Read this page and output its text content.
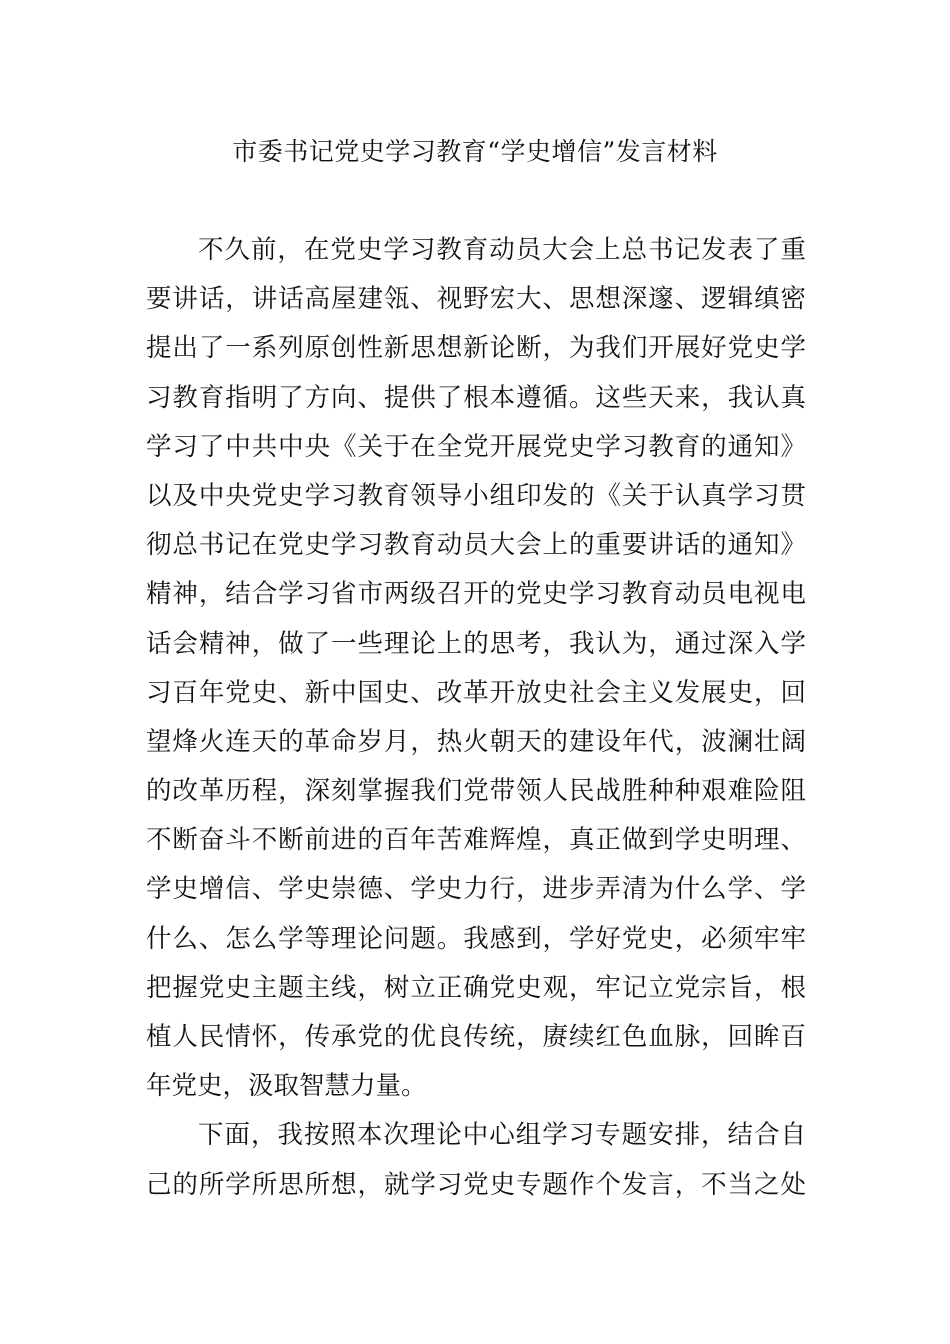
市委书记党史学习教育“学史增信”发言材料
不久前，在党史学习教育动员大会上总书记发表了重
要讲话，讲话高屋建瓴、视野宏大、思想深邃、逻辑缜密
提出了一系列原创性新思想新论断，为我们开展好党史学
习教育指明了方向、提供了根本遵循。这些天来，我认真
学习了中共中央《关于在全党开展党史学习教育的通知》
以及中央党史学习教育领导小组印发的《关于认真学习贯
彻总书记在党史学习教育动员大会上的重要讲话的通知》
精神，结合学习省市两级召开的党史学习教育动员电视电
话会精神，做了一些理论上的思考，我认为，通过深入学
习百年党史、新中国史、改革开放史社会主义发展史，回
望烽火连天的革命岁月，热火朝天的建设年代，波澜壮阔
的改革历程，深刻掌握我们党带领人民战胜种种艰难险阻
不断奋斗不断前进的百年苦难辉煌，真正做到学史明理、
学史增信、学史崇德、学史力行，进步弄清为什么学、学
什么、怎么学等理论问题。我感到，学好党史，必须牢牢
把握党史主题主线，树立正确党史观，牢记立党宗旨，根
植人民情怀，传承党的优良传统，赓续红色血脉，回眸百
年党史，汲取智慧力量。
下面，我按照本次理论中心组学习专题安排，结合自
己的所学所思所想，就学习党史专题作个发言，不当之处
